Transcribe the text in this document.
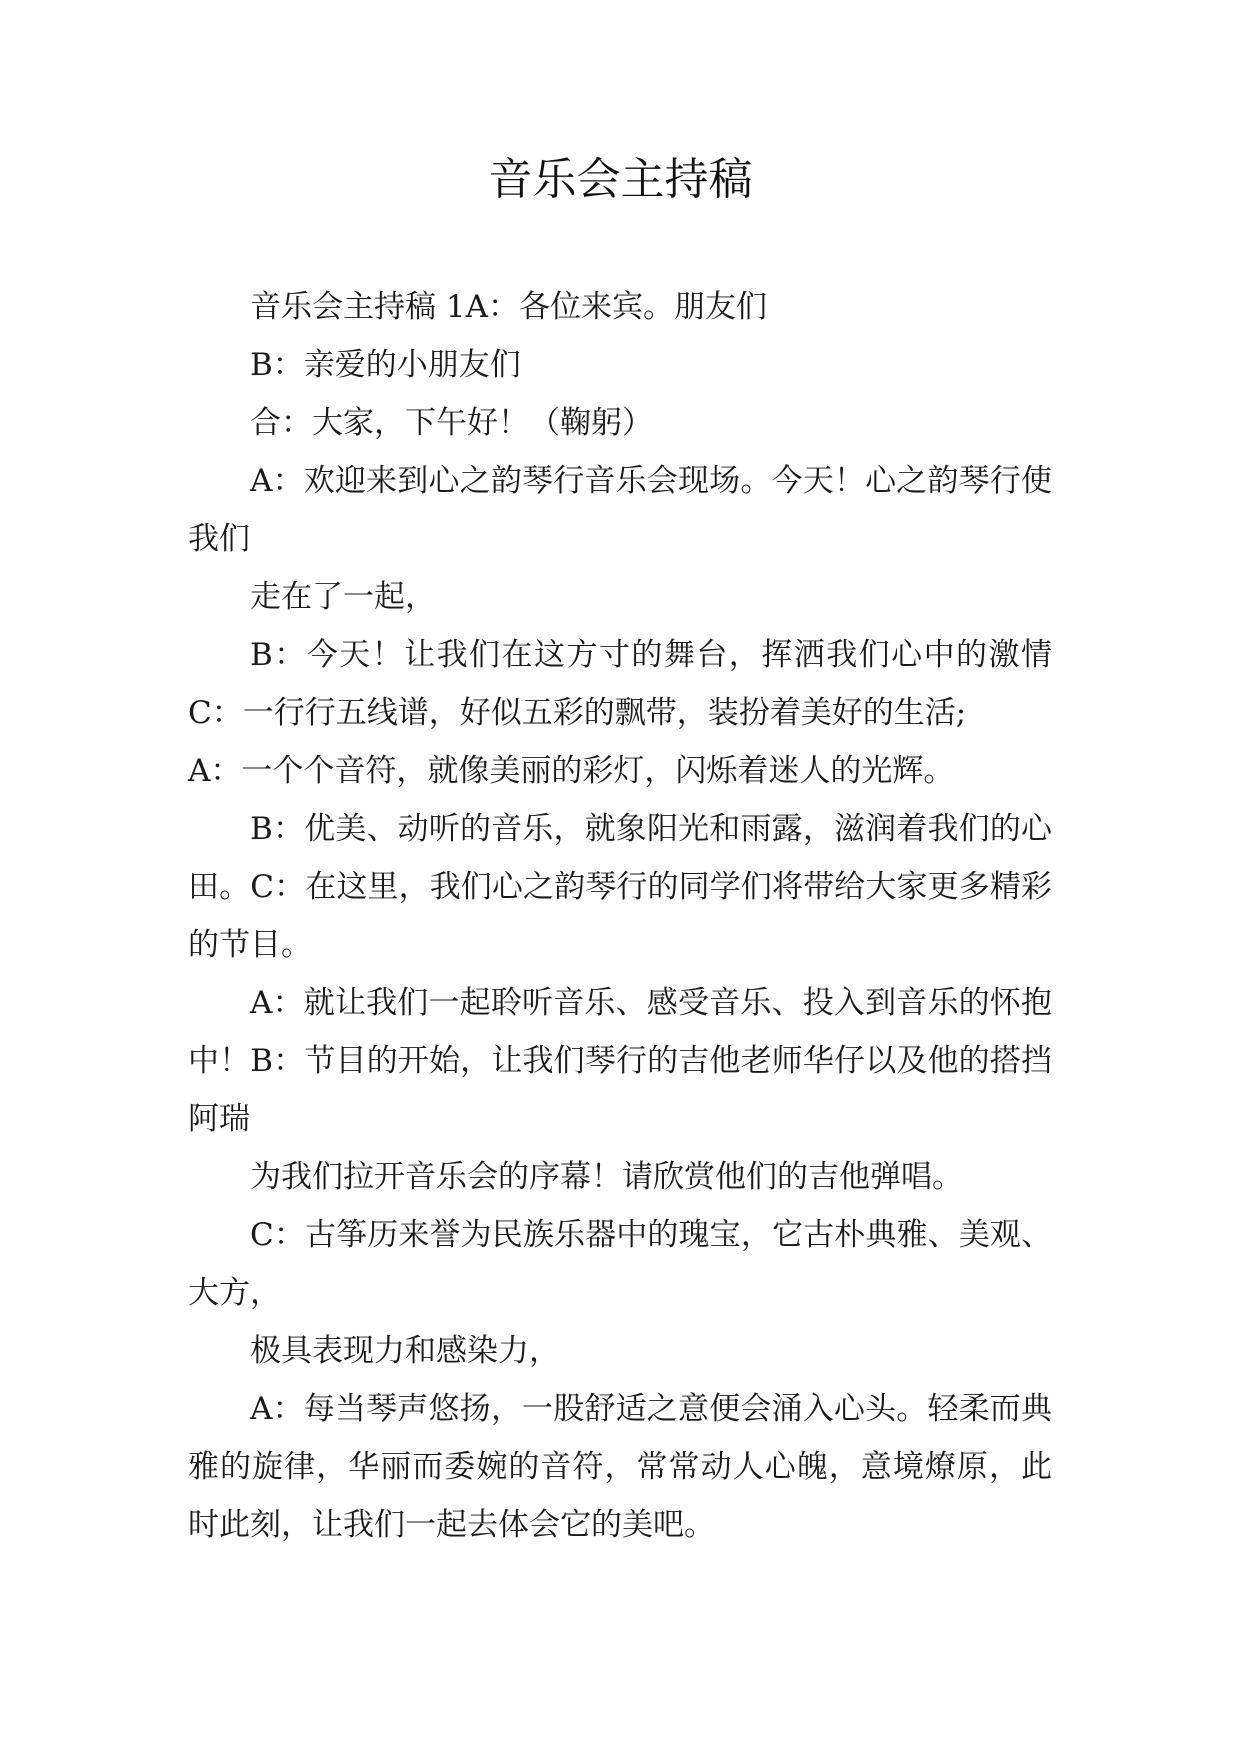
音乐会主持稿

音乐会主持稿 1A：各位来宾。朋友们

B：亲爱的小朋友们

合：大家，下午好！（鞠躬）

A：欢迎来到心之韵琴行音乐会现场。今天！心之韵琴行使我们

走在了一起，

B：今天！让我们在这方寸的舞台，挥洒我们心中的激情 C：一行行五线谱，好似五彩的飘带，装扮着美好的生活;

A：一个个音符，就像美丽的彩灯，闪烁着迷人的光辉。

B：优美、动听的音乐，就象阳光和雨露，滋润着我们的心田。C：在这里，我们心之韵琴行的同学们将带给大家更多精彩的节目。

A：就让我们一起聆听音乐、感受音乐、投入到音乐的怀抱中！B：节目的开始，让我们琴行的吉他老师华仔以及他的搭挡阿瑞

为我们拉开音乐会的序幕！请欣赏他们的吉他弹唱。

C：古筝历来誉为民族乐器中的瑰宝，它古朴典雅、美观、大方，

极具表现力和感染力，

A：每当琴声悠扬，一股舒适之意便会涌入心头。轻柔而典雅的旋律，华丽而委婉的音符，常常动人心魄，意境燎原，此时此刻，让我们一起去体会它的美吧。
